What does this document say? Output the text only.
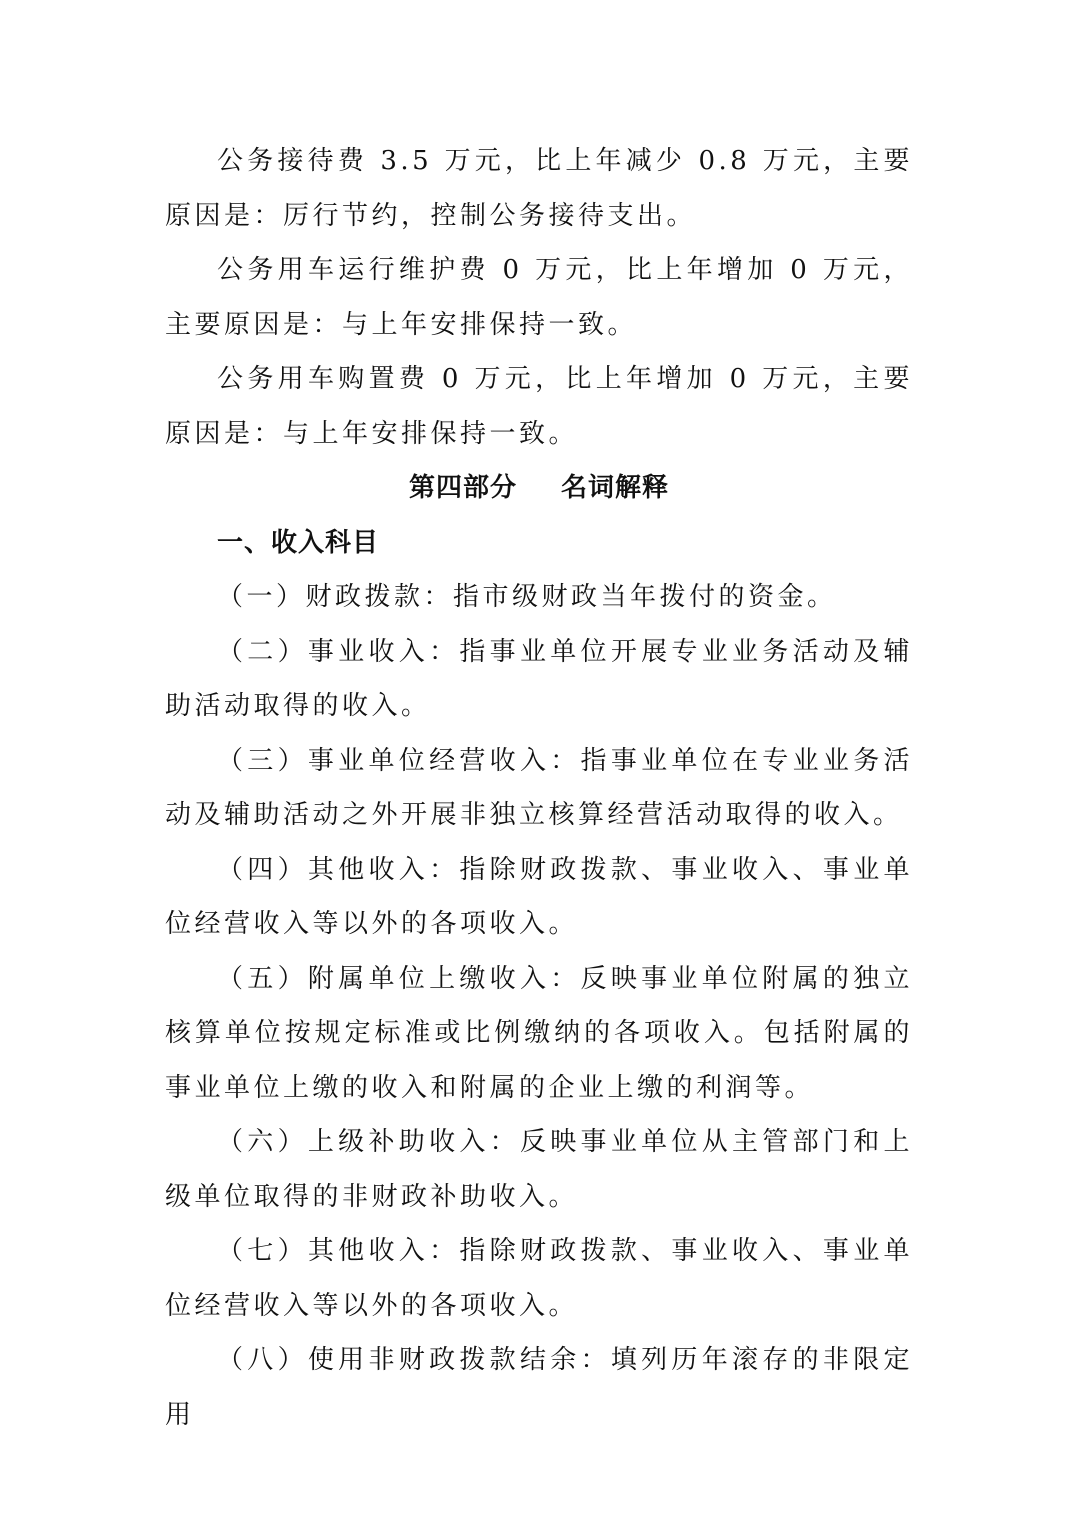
公务接待费 3.5 万元，比上年减少 0.8 万元，主要原因是：厉行节约，控制公务接待支出。

公务用车运行维护费 0 万元，比上年增加 0 万元，主要原因是：与上年安排保持一致。

公务用车购置费 0 万元，比上年增加 0 万元，主要原因是：与上年安排保持一致。

第四部分 名词解释

一、收入科目

（一）财政拨款：指市级财政当年拨付的资金。

（二）事业收入：指事业单位开展专业业务活动及辅助活动取得的收入。

（三）事业单位经营收入：指事业单位在专业业务活动及辅助活动之外开展非独立核算经营活动取得的收入。

（四）其他收入：指除财政拨款、事业收入、事业单位经营收入等以外的各项收入。

（五）附属单位上缴收入：反映事业单位附属的独立核算单位按规定标准或比例缴纳的各项收入。包括附属的事业单位上缴的收入和附属的企业上缴的利润等。

（六）上级补助收入：反映事业单位从主管部门和上级单位取得的非财政补助收入。

（七）其他收入：指除财政拨款、事业收入、事业单位经营收入等以外的各项收入。

（八）使用非财政拨款结余：填列历年滚存的非限定用
